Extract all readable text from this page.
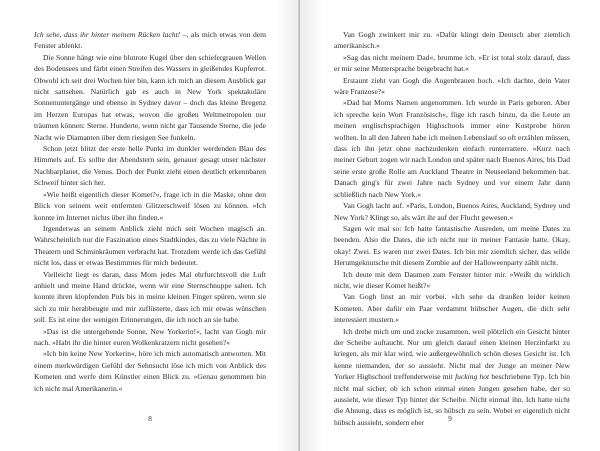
Ich sehe, dass ihr hinter meinem Rücken lacht! –, als mich etwas von dem Fenster ablenkt.

Die Sonne hängt wie eine blutrote Kugel über den schiefergrauen Wellen des Bodensees und färbt einen Streifen des Wassers in gleißendes Kupferrot. Obwohl ich seit drei Wochen hier bin, kann ich mich an diesem Ausblick gar nicht sattsehen. Natürlich gab es auch in New York spektakuläre Sonnenuntergänge und ebenso in Sydney davor – doch das kleine Bregenz im Herzen Europas hat etwas, wovon die großen Weltmetropolen nur träumen können: Sterne. Hunderte, wenn nicht gar Tausende Sterne, die jede Nacht wie Diamanten über dem riesigen See funkeln.

Schon jetzt blitzt der erste helle Punkt im dunkler werdenden Blau des Himmels auf. Es sollte der Abendstern sein, genauer gesagt unser nächster Nachbarplanet, die Venus. Doch der Punkt zieht einen deutlich erkennbaren Schweif hinter sich her.

»Wie heißt eigentlich dieser Komet?«, frage ich in die Maske, ohne den Blick von seinem weit entfernten Glitzerschweif lösen zu können. »Ich konnte im Internet nichts über ihn finden.«

Irgendetwas an seinem Anblick zieht mich seit Wochen magisch an. Wahrscheinlich nur die Faszination eines Stadtkindes, das zu viele Nächte in Theatern und Schminkräumen verbracht hat. Trotzdem werde ich das Gefühl nicht los, dass er etwas Bestimmtes für mich bedeutet.

Vielleicht liegt es daran, dass Mom jedes Mal ehrfurchtsvoll die Luft anhielt und meine Hand drückte, wenn wir eine Sternschnuppe sahen. Ich konnte ihren klopfenden Puls bis in meine kleinen Finger spüren, wenn sie sich zu mir herabbeugte und mir zuflüsterte, dass ich mir etwas wünschen soll. Es ist eine der wenigen Erinnerungen, die ich noch an sie habe.

»Das ist die untergehende Sonne, New Yorkerin!«, lacht van Gogh mir nach. »Habt ihr die hinter euren Wolkenkratzern nicht gesehen?«

»Ich bin keine New Yorkerin«, höre ich mich automatisch antworten. Mit einem merkwürdigen Gefühl der Sehnsucht löse ich mich von Anblick des Kometen und werfe dem Künstler einen Blick zu. »Genau genommen bin ich nicht mal Amerikanerin.«

8

Van Gogh zwinkert mir zu. »Dafür klingt dein Deutsch aber ziemlich amerikanisch.«

»Sag das nicht meinem Dad«, brumme ich. »Er ist total stolz darauf, dass er mir seine Muttersprache beigebracht hat.«

Erstaunt zieht van Gogh die Augenbrauen hoch. »Ich dachte, dein Vater wäre Franzose?«

»Dad hat Moms Namen angenommen. Ich wurde in Paris geboren. Aber ich spreche kein Wort Französisch«, füge ich rasch hinzu, da die Leute an meinen englischsprachigen Highschools immer eine Kostprobe hören wollten. In all den Jahren habe ich meinen Lebenslauf so oft erzählen müssen, dass ich ihn jetzt ohne nachzudenken einfach runterrattere. »Kurz nach meiner Geburt zogen wir nach London und später nach Buenos Aires, bis Dad seine erste große Rolle am Auckland Theatre in Neuseeland bekommen hat. Danach ging's für zwei Jahre nach Sydney und vor einem Jahr dann schließlich nach New York.«

Van Gogh lacht auf. »Paris, London, Buenos Aires, Auckland, Sydney und New York? Klingt so, als wärt ihr auf der Flucht gewesen.«

Sagen wir mal so: Ich hatte fantastische Ausreden, um meine Dates zu beenden. Also die Dates, die ich nicht nur in meiner Fantasie hatte. Okay, okay! Zwei. Es waren nur zwei Dates. Ich bin mir ziemlich sicher, das wilde Herumgeknutsche mit diesem Zombie auf der Halloweenparty zählt nicht.

Ich deute mit dem Daumen zum Fenster hinter mir. »Weißt du wirklich nicht, wie dieser Komet heißt?«

Van Gogh linst an mir vorbei. »Ich sehe da draußen leider keinen Kometen. Aber dafür ein Paar verdammt hübscher Augen, die dich sehr interessiert mustern.«

Ich drehe mich um und zucke zusammen, weil plötzlich ein Gesicht hinter der Scheibe auftaucht. Nur um gleich darauf einen kleinen Herzinfarkt zu kriegen, als mir klar wird, wie außergewöhnlich schön dieses Gesicht ist. Ich kenne niemanden, der so aussieht. Nicht mal der Junge an meiner New Yorker Highschool treffenderweise mit fucking hot beschriebene Typ. Ich bin nicht mal sicher, ob ich schon einmal einen Jungen gesehen habe, der so aussieht, wie dieser Typ hinter der Scheibe. Nicht einmal ihn. Ich hatte nicht die Ahnung, dass es möglich ist, so hübsch zu sein. Wobei er eigentlich nicht hübsch aussieht, sondern eher	9
